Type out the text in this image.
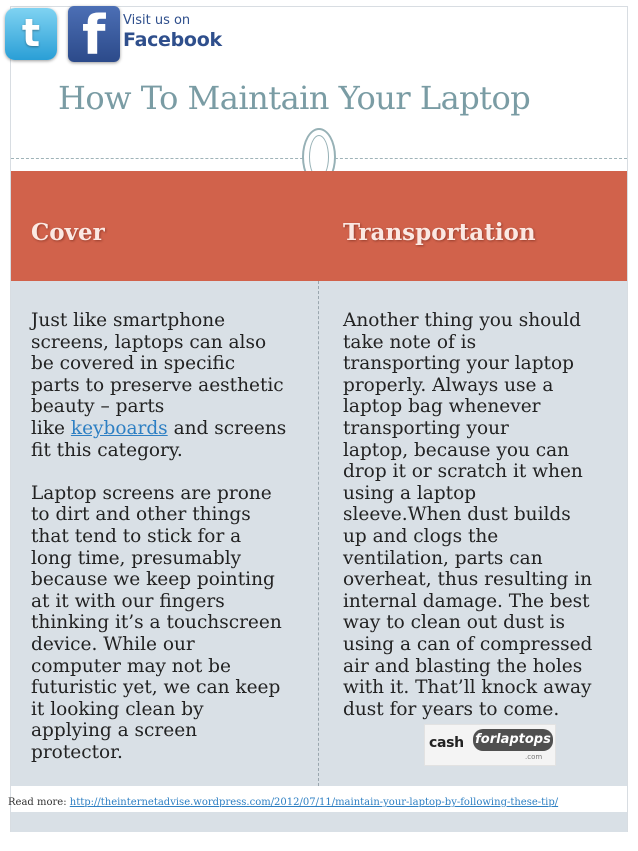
t f Visit us on
Facebook
How To Maintain Your Laptop
Cover	Transportation
Just like smartphone
screens, laptops can also
be covered in specific
parts to preserve aesthetic
beauty – parts
like keyboards and screens
fit this category.
Laptop screens are prone
to dirt and other things
that tend to stick for a
long time, presumably
because we keep pointing
at it with our fingers
thinking it’s a touchscreen
device. While our
computer may not be
futuristic yet, we can keep
it looking clean by
applying a screen
protector.
Another thing you should
take note of is
transporting your laptop
properly. Always use a
laptop bag whenever
transporting your
laptop, because you can
drop it or scratch it when
using a laptop
sleeve.When dust builds
up and clogs the
ventilation, parts can
overheat, thus resulting in
internal damage. The best
way to clean out dust is
using a can of compressed
air and blasting the holes
with it. That’ll knock away
dust for years to come.
cash forlaptops
.com
Read more: http://theinternetadvise.wordpress.com/2012/07/11/maintain-your-laptop-by-following-these-tip/
